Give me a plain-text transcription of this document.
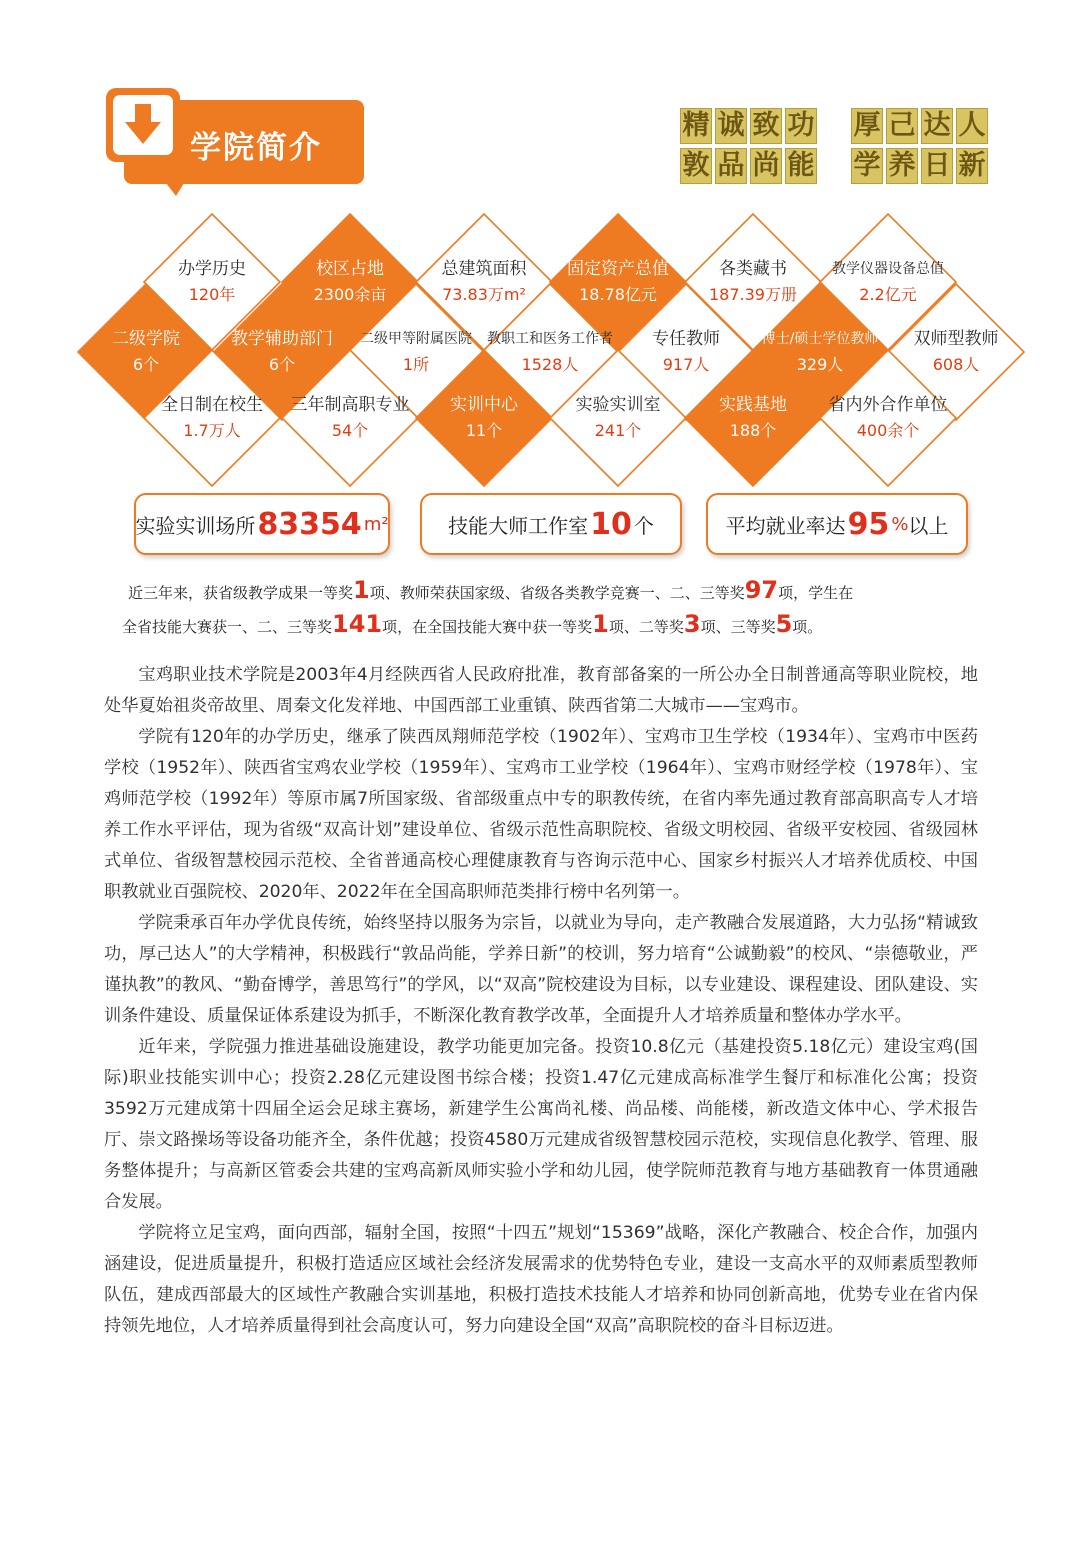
学院简介
精 诚 致 功 厚 己 达 人
敦 品 尚 能 学 养 日 新
办学历史
120年
校区占地
2300余亩
总建筑面积
73.83万m²
固定资产总值
18.78亿元
各类藏书
187.39万册
教学仪器设备总值
2.2亿元
二级学院
6个
教学辅助部门
6个
二级甲等附属医院
1所
教职工和医务工作者
1528人
专任教师
917人
博士/硕士学位教师
329人
双师型教师
608人
全日制在校生
1.7万人
三年制高职专业
54个
实训中心
11个
实验实训室
241个
实践基地
188个
省内外合作单位
400余个
实验实训场所 83354 m²	技能大师工作室 10 个	平均就业率达 95 % 以上
近三年来，获省级教学成果一等奖1项、教师荣获国家级、省级各类教学竞赛一、二、三等奖97项，学生在
全省技能大赛获一、二、三等奖141项，在全国技能大赛中获一等奖1项、二等奖3项、三等奖5项。

宝鸡职业技术学院是2003年4月经陕西省人民政府批准，教育部备案的一所公办全日制普通高等职业院校，地处华夏始祖炎帝故里、周秦文化发祥地、中国西部工业重镇、陕西省第二大城市——宝鸡市。

学院有120年的办学历史，继承了陕西凤翔师范学校（1902年）、宝鸡市卫生学校（1934年）、宝鸡市中医药学校（1952年）、陕西省宝鸡农业学校（1959年）、宝鸡市工业学校（1964年）、宝鸡市财经学校（1978年）、宝鸡师范学校（1992年）等原市属7所国家级、省部级重点中专的职教传统，在省内率先通过教育部高职高专人才培养工作水平评估，现为省级“双高计划”建设单位、省级示范性高职院校、省级文明校园、省级平安校园、省级园林式单位、省级智慧校园示范校、全省普通高校心理健康教育与咨询示范中心、国家乡村振兴人才培养优质校、中国职教就业百强院校、2020年、2022年在全国高职师范类排行榜中名列第一。

学院秉承百年办学优良传统，始终坚持以服务为宗旨，以就业为导向，走产教融合发展道路，大力弘扬“精诚致功，厚己达人”的大学精神，积极践行“敦品尚能，学养日新”的校训，努力培育“公诚勤毅”的校风、“崇德敬业，严谨执教”的教风、“勤奋博学，善思笃行”的学风，以“双高”院校建设为目标，以专业建设、课程建设、团队建设、实训条件建设、质量保证体系建设为抓手，不断深化教育教学改革，全面提升人才培养质量和整体办学水平。

近年来，学院强力推进基础设施建设，教学功能更加完备。投资10.8亿元（基建投资5.18亿元）建设宝鸡(国际)职业技能实训中心；投资2.28亿元建设图书综合楼；投资1.47亿元建成高标准学生餐厅和标准化公寓；投资3592万元建成第十四届全运会足球主赛场，新建学生公寓尚礼楼、尚品楼、尚能楼，新改造文体中心、学术报告厅、崇文路操场等设备功能齐全，条件优越；投资4580万元建成省级智慧校园示范校，实现信息化教学、管理、服务整体提升；与高新区管委会共建的宝鸡高新凤师实验小学和幼儿园，使学院师范教育与地方基础教育一体贯通融合发展。

学院将立足宝鸡，面向西部，辐射全国，按照“十四五”规划“15369”战略，深化产教融合、校企合作，加强内涵建设，促进质量提升，积极打造适应区域社会经济发展需求的优势特色专业，建设一支高水平的双师素质型教师队伍，建成西部最大的区域性产教融合实训基地，积极打造技术技能人才培养和协同创新高地，优势专业在省内保持领先地位，人才培养质量得到社会高度认可，努力向建设全国“双高”高职院校的奋斗目标迈进。
